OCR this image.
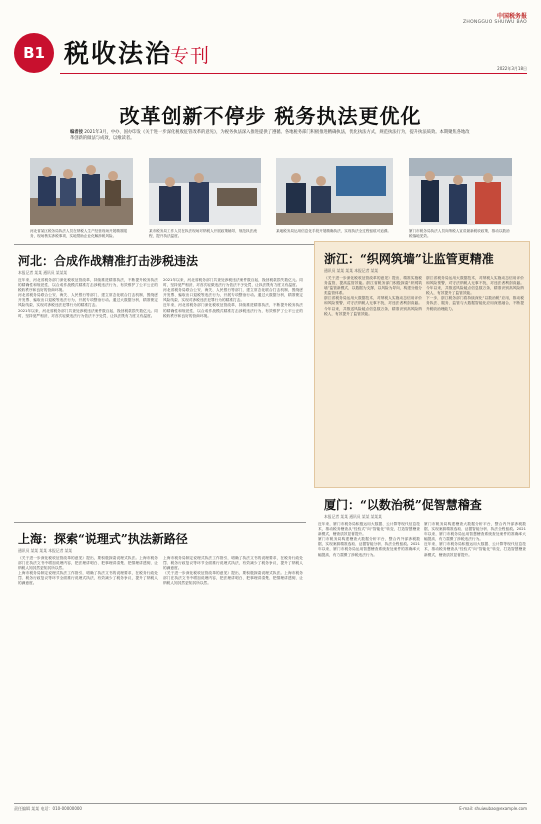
中国税务报
ZHONGGUO SHUIWU BAO
B1 税收法治
专刊
2022年3月18日
改革创新不停步 税务执法更优化
编者按 2021年3月，中办、国办印发《关于进一步深化税收征管改革的意见》，为税务执法深入推进提供了遵循。各地税务部门积极推进精确执法，优化执法方式，规范执法行为，提升执法质效。本期聚焦各地改革创新的做法与成效，以飨读者。
河北省某区税务局执法人员在纳税人生产经营现场开展精准服务，现场核实涉税事项，实地帮助企业化解涉税风险。
某市税务局工作人员在执法现场对纳税人开展政策辅导，规范执法流程，提升执法温度。
某地税务局运用信息化手段开展精确执法，实现执法全过程留痕可追溯。	厦门市税务局执法人员向纳税人宣讲最新税收政策，推动以数治税落地见效。
河北：合成作战精准打击涉税违法
本报记者 某某 通讯员 某某某
近年来，河北省税务部门深化税收征管改革，持续推进精准执法，不断提升税务执法的精确性和规范性，以合成作战模式精准打击涉税违法行为，有效维护了公平公正的税收秩序和良好的营商环境。
河北省税务局联合公安、海关、人民银行等部门，建立常态化联合打击机制，围绕虚开发票、骗取出口退税等违法行为，开展专项整治行动。通过大数据分析，精准锁定风险线索，实现对涉税违法犯罪行为的精准打击。
2021年以来，河北省税务部门共查处涉税违法案件数百起，挽回税款损失数亿元。同时，坚持宽严相济，对首次轻微违法行为依法不予处罚，让执法既有力度又有温度。
2021年以来，河北省税务部门共查处涉税违法案件数百起，挽回税款损失数亿元。同时，坚持宽严相济，对首次轻微违法行为依法不予处罚，让执法既有力度又有温度。
河北省税务局联合公安、海关、人民银行等部门，建立常态化联合打击机制，围绕虚开发票、骗取出口退税等违法行为，开展专项整治行动。通过大数据分析，精准锁定风险线索，实现对涉税违法犯罪行为的精准打击。
近年来，河北省税务部门深化税收征管改革，持续推进精准执法，不断提升税务执法的精确性和规范性，以合成作战模式精准打击涉税违法行为，有效维护了公平公正的税收秩序和良好的营商环境。
浙江：“织网筑墙”让监管更精准
通讯员 某某 某某 本报记者 某某
《关于进一步深化税收征管改革的意见》提出，精准实施税务监管，提高监管效能。浙江省税务部门积极探索“织网筑墙”监管新模式，以数据为支撑，以风险为导向，构建分级分类监管体系。
浙江省税务局运用大数据技术，对纳税人实施动态信用评价和风险预警，对守法纳税人无事不扰，对违法者利剑高悬。今年以来，共推送风险疑点信息数万条，精准识别高风险纳税人，有效提升了监管效能。
浙江省税务局运用大数据技术，对纳税人实施动态信用评价和风险预警，对守法纳税人无事不扰，对违法者利剑高悬。今年以来，共推送风险疑点信息数万条，精准识别高风险纳税人，有效提升了监管效能。
下一步，浙江税务部门将持续深化“以数治税”应用，推动税务执法、服务、监管与大数据智能化应用深度融合，不断提升税收治理能力。
上海：探索“说理式”执法新路径
通讯员 某某 某某 本报记者 某某
《关于进一步深化税收征管改革的意见》提出，要积极探索说理式执法。上海市税务部门在执法文书中增加说理内容，把法理讲明白、把事理讲清楚、把情理讲透彻，让纳税人知其然更知其所以然。
上海市税务局制定说理式执法工作指引，明确了执法文书的说理要求，在税务行政处罚、税务行政复议等环节全面推行说理式执法，有效减少了税务争议，提升了纳税人的满意度。
上海市税务局制定说理式执法工作指引，明确了执法文书的说理要求，在税务行政处罚、税务行政复议等环节全面推行说理式执法，有效减少了税务争议，提升了纳税人的满意度。
《关于进一步深化税收征管改革的意见》提出，要积极探索说理式执法。上海市税务部门在执法文书中增加说理内容，把法理讲明白、把事理讲清楚、把情理讲透彻，让纳税人知其然更知其所以然。
厦门：“以数治税”促智慧稽查
本报记者 某某 通讯员 某某 某某某
近年来，厦门市税务局积极运用大数据、云计算等现代信息技术，推动税务稽查从“经验式”向“智能化”转变，打造智慧稽查新模式，稽查质效显著提升。
厦门市税务局构建稽查大数据分析平台，整合内外部涉税数据，实现案源精准选取、证据智能分析、执法全程留痕。2021年以来，厦门市税务局运用智慧稽查系统查处案件的准确率大幅提高，有力震慑了涉税违法行为。
厦门市税务局构建稽查大数据分析平台，整合内外部涉税数据，实现案源精准选取、证据智能分析、执法全程留痕。2021年以来，厦门市税务局运用智慧稽查系统查处案件的准确率大幅提高，有力震慑了涉税违法行为。
近年来，厦门市税务局积极运用大数据、云计算等现代信息技术，推动税务稽查从“经验式”向“智能化”转变，打造智慧稽查新模式，稽查质效显著提升。
责任编辑 某某 电话：010-00000000	E-mail: shuiwubao@example.com
